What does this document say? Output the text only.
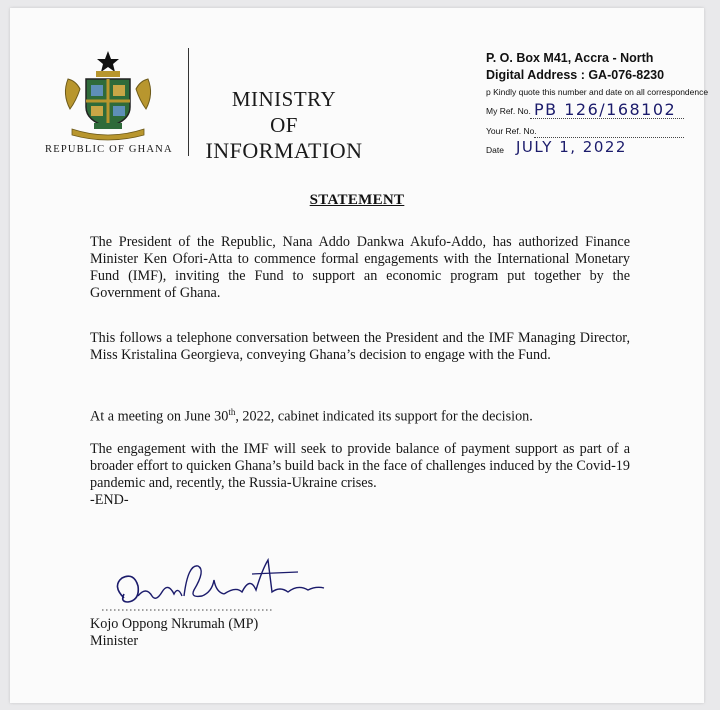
REPUBLIC OF GHANA
MINISTRY
OF
INFORMATION
P. O. Box M41, Accra - North
Digital Address : GA-076-8230
p Kindly quote this number and date on all correspondence
My Ref. No. PB 126/168102
Your Ref. No.
Date JULY 1, 2022
STATEMENT
The President of the Republic, Nana Addo Dankwa Akufo-Addo, has authorized Finance Minister Ken Ofori-Atta to commence formal engagements with the International Monetary Fund (IMF), inviting the Fund to support an economic program put together by the Government of Ghana.
This follows a telephone conversation between the President and the IMF Managing Director, Miss Kristalina Georgieva, conveying Ghana’s decision to engage with the Fund.
At a meeting on June 30th, 2022, cabinet indicated its support for the decision.
The engagement with the IMF will seek to provide balance of payment support as part of a broader effort to quicken Ghana’s build back in the face of challenges induced by the Covid-19 pandemic and, recently, the Russia-Ukraine crises.
-END-
Kojo Oppong Nkrumah (MP)
Minister
